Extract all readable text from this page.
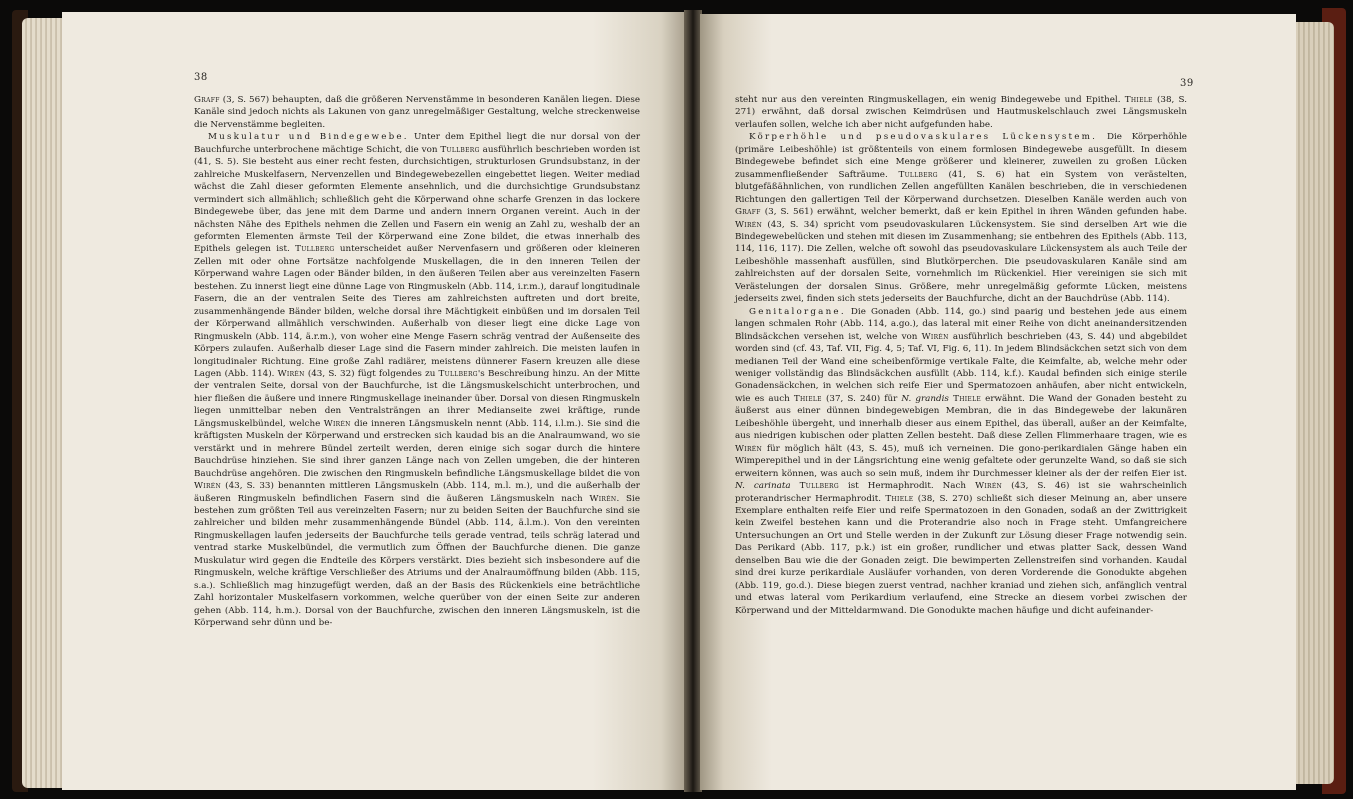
38

Graff (3, S. 567) behaupten, daß die größeren Nervenstämme in besonderen Kanälen liegen. Diese Kanäle sind jedoch nichts als Lakunen von ganz unregelmäßiger Gestaltung, welche streckenweise die Nervenstämme begleiten.

Muskulatur und Bindegewebe. Unter dem Epithel liegt die nur dorsal von der Bauchfurche unterbrochene mächtige Schicht, die von Tullberg ausführlich beschrieben worden ist (41, S. 5). Sie besteht aus einer recht festen, durchsichtigen, strukturlosen Grundsubstanz, in der zahlreiche Muskelfasern, Nervenzellen und Bindegewebezellen eingebettet liegen. Weiter mediad wächst die Zahl dieser geformten Elemente ansehnlich, und die durchsichtige Grundsubstanz vermindert sich allmählich; schließlich geht die Körperwand ohne scharfe Grenzen in das lockere Bindegewebe über, das jene mit dem Darme und andern innern Organen vereint. Auch in der nächsten Nähe des Epithels nehmen die Zellen und Fasern ein wenig an Zahl zu, weshalb der an geformten Elementen ärmste Teil der Körperwand eine Zone bildet, die etwas innerhalb des Epithels gelegen ist. Tullberg unterscheidet außer Nervenfasern und größeren oder kleineren Zellen mit oder ohne Fortsätze nachfolgende Muskellagen, die in den inneren Teilen der Körperwand wahre Lagen oder Bänder bilden, in den äußeren Teilen aber aus vereinzelten Fasern bestehen. Zu innerst liegt eine dünne Lage von Ringmuskeln (Abb. 114, i.r.m.), darauf longitudinale Fasern, die an der ventralen Seite des Tieres am zahlreichsten auftreten und dort breite, zusammenhängende Bänder bilden, welche dorsal ihre Mächtigkeit einbüßen und im dorsalen Teil der Körperwand allmählich verschwinden. Außerhalb von dieser liegt eine dicke Lage von Ringmuskeln (Abb. 114, ä.r.m.), von woher eine Menge Fasern schräg ventrad der Außenseite des Körpers zulaufen. Außerhalb dieser Lage sind die Fasern minder zahlreich. Die meisten laufen in longitudinaler Richtung. Eine große Zahl radiärer, meistens dünnerer Fasern kreuzen alle diese Lagen (Abb. 114). Wirén (43, S. 32) fügt folgendes zu Tullberg's Beschreibung hinzu. An der Mitte der ventralen Seite, dorsal von der Bauchfurche, ist die Längsmuskelschicht unterbrochen, und hier fließen die äußere und innere Ringmuskellage ineinander über. Dorsal von diesen Ringmuskeln liegen unmittelbar neben den Ventralsträngen an ihrer Medianseite zwei kräftige, runde Längsmuskelbündel, welche Wirén die inneren Längsmuskeln nennt (Abb. 114, i.l.m.). Sie sind die kräftigsten Muskeln der Körperwand und erstrecken sich kaudad bis an die Analraumwand, wo sie verstärkt und in mehrere Bündel zerteilt werden, deren einige sich sogar durch die hintere Bauchdrüse hinziehen. Sie sind ihrer ganzen Länge nach von Zellen umgeben, die der hinteren Bauchdrüse angehören. Die zwischen den Ringmuskeln befindliche Längsmuskellage bildet die von Wirén (43, S. 33) benannten mittleren Längsmuskeln (Abb. 114, m.l. m.), und die außerhalb der äußeren Ringmuskeln befindlichen Fasern sind die äußeren Längsmuskeln nach Wirén. Sie bestehen zum größten Teil aus vereinzelten Fasern; nur zu beiden Seiten der Bauchfurche sind sie zahlreicher und bilden mehr zusammenhängende Bündel (Abb. 114, ä.l.m.). Von den vereinten Ringmuskellagen laufen jederseits der Bauchfurche teils gerade ventrad, teils schräg laterad und ventrad starke Muskelbündel, die vermutlich zum Öffnen der Bauchfurche dienen. Die ganze Muskulatur wird gegen die Endteile des Körpers verstärkt. Dies bezieht sich insbesondere auf die Ringmuskeln, welche kräftige Verschließer des Atriums und der Analraumöffnung bilden (Abb. 115, s.a.). Schließlich mag hinzugefügt werden, daß an der Basis des Rückenkiels eine beträchtliche Zahl horizontaler Muskelfasern vorkommen, welche querüber von der einen Seite zur anderen gehen (Abb. 114, h.m.). Dorsal von der Bauchfurche, zwischen den inneren Längsmuskeln, ist die Körperwand sehr dünn und be-

39

steht nur aus den vereinten Ringmuskellagen, ein wenig Bindegewebe und Epithel. Thiele (38, S. 271) erwähnt, daß dorsal zwischen Keimdrüsen und Hautmuskelschlauch zwei Längsmuskeln verlaufen sollen, welche ich aber nicht aufgefunden habe.

Körperhöhle und pseudovaskulares Lückensystem. Die Körperhöhle (primäre Leibeshöhle) ist größtenteils von einem formlosen Bindegewebe ausgefüllt. In diesem Bindegewebe befindet sich eine Menge größerer und kleinerer, zuweilen zu großen Lücken zusammenfließender Safträume. Tullberg (41, S. 6) hat ein System von verästelten, blutgefäßähnlichen, von rundlichen Zellen angefüllten Kanälen beschrieben, die in verschiedenen Richtungen den gallertigen Teil der Körperwand durchsetzen. Dieselben Kanäle werden auch von Graff (3, S. 561) erwähnt, welcher bemerkt, daß er kein Epithel in ihren Wänden gefunden habe. Wirén (43, S. 34) spricht vom pseudovaskularen Lückensystem. Sie sind derselben Art wie die Bindegewebelücken und stehen mit diesen im Zusammenhang; sie entbehren des Epithels (Abb. 113, 114, 116, 117). Die Zellen, welche oft sowohl das pseudovaskulare Lückensystem als auch Teile der Leibeshöhle massenhaft ausfüllen, sind Blutkörperchen. Die pseudovaskularen Kanäle sind am zahlreichsten auf der dorsalen Seite, vornehmlich im Rückenkiel. Hier vereinigen sie sich mit Verästelungen der dorsalen Sinus. Größere, mehr unregelmäßig geformte Lücken, meistens jederseits zwei, finden sich stets jederseits der Bauchfurche, dicht an der Bauchdrüse (Abb. 114).

Genitalorgane. Die Gonaden (Abb. 114, go.) sind paarig und bestehen jede aus einem langen schmalen Rohr (Abb. 114, a.go.), das lateral mit einer Reihe von dicht aneinandersitzenden Blindsäckchen versehen ist, welche von Wirén ausführlich beschrieben (43, S. 44) und abgebildet worden sind (cf. 43, Taf. VII, Fig. 4, 5; Taf. VI, Fig. 6, 11). In jedem Blindsäckchen setzt sich von dem medianen Teil der Wand eine scheibenförmige vertikale Falte, die Keimfalte, ab, welche mehr oder weniger vollständig das Blindsäckchen ausfüllt (Abb. 114, k.f.). Kaudal befinden sich einige sterile Gonadensäckchen, in welchen sich reife Eier und Spermatozoen anhäufen, aber nicht entwickeln, wie es auch Thiele (37, S. 240) für N. grandis Thiele erwähnt. Die Wand der Gonaden besteht zu äußerst aus einer dünnen bindegewebigen Membran, die in das Bindegewebe der lakunären Leibeshöhle übergeht, und innerhalb dieser aus einem Epithel, das überall, außer an der Keimfalte, aus niedrigen kubischen oder platten Zellen besteht. Daß diese Zellen Flimmerhaare tragen, wie es Wirén für möglich hält (43, S. 45), muß ich verneinen. Die gono-perikardialen Gänge haben ein Wimperepithel und in der Längsrichtung eine wenig gefaltete oder gerunzelte Wand, so daß sie sich erweitern können, was auch so sein muß, indem ihr Durchmesser kleiner als der der reifen Eier ist. N. carinata Tullberg ist Hermaphrodit. Nach Wirén (43, S. 46) ist sie wahrscheinlich proterandrischer Hermaphrodit. Thiele (38, S. 270) schließt sich dieser Meinung an, aber unsere Exemplare enthalten reife Eier und reife Spermatozoen in den Gonaden, sodaß an der Zwittrigkeit kein Zweifel bestehen kann und die Proterandrie also noch in Frage steht. Umfangreichere Untersuchungen an Ort und Stelle werden in der Zukunft zur Lösung dieser Frage notwendig sein. Das Perikard (Abb. 117, p.k.) ist ein großer, rundlicher und etwas platter Sack, dessen Wand denselben Bau wie die der Gonaden zeigt. Die bewimperten Zellenstreifen sind vorhanden. Kaudal sind drei kurze perikardiale Ausläufer vorhanden, von deren Vorderende die Gonodukte abgehen (Abb. 119, go.d.). Diese biegen zuerst ventrad, nachher kraniad und ziehen sich, anfänglich ventral und etwas lateral vom Perikardium verlaufend, eine Strecke an diesem vorbei zwischen der Körperwand und der Mitteldarmwand. Die Gonodukte machen häufige und dicht aufeinander-
